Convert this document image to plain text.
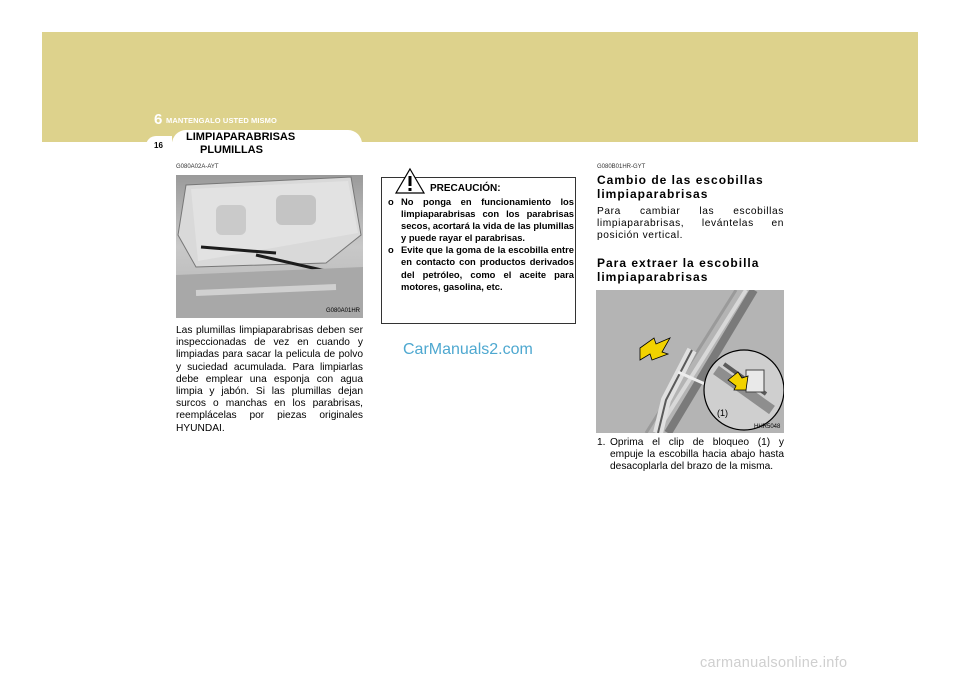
6 MANTENGALO USTED MISMO
16
LIMPIAPARABRISAS
PLUMILLAS
G080A02A-AYT
G080A01HR
Las plumillas limpiaparabrisas deben ser inspeccionadas de vez en cuando y limpiadas para sacar la pelicula de polvo y suciedad acumulada. Para limpiarlas debe emplear una esponja con agua limpia y jabón. Si las plumillas dejan surcos o manchas en los parabrisas, reemplácelas por piezas originales HYUNDAI.
PRECAUCIÓN:
o No ponga en funcionamiento los limpiaparabrisas con los parabrisas secos, acortará la vida de las plumillas y puede rayar el parabrisas.
o Evite que la goma de la escobilla entre en contacto con productos derivados del petróleo, como el aceite para motores, gasolina, etc.
CarManuals2.com
G080B01HR-GYT
Cambio de las escobillas limpiaparabrisas
Para cambiar las escobillas limpiaparabrisas, levántelas en posición vertical.
Para extraer la escobilla limpiaparabrisas
(1)
HHR5048
1. Oprima el clip de bloqueo (1) y empuje la escobilla hacia abajo hasta desacoplarla del brazo de la misma.
carmanualsonline.info
